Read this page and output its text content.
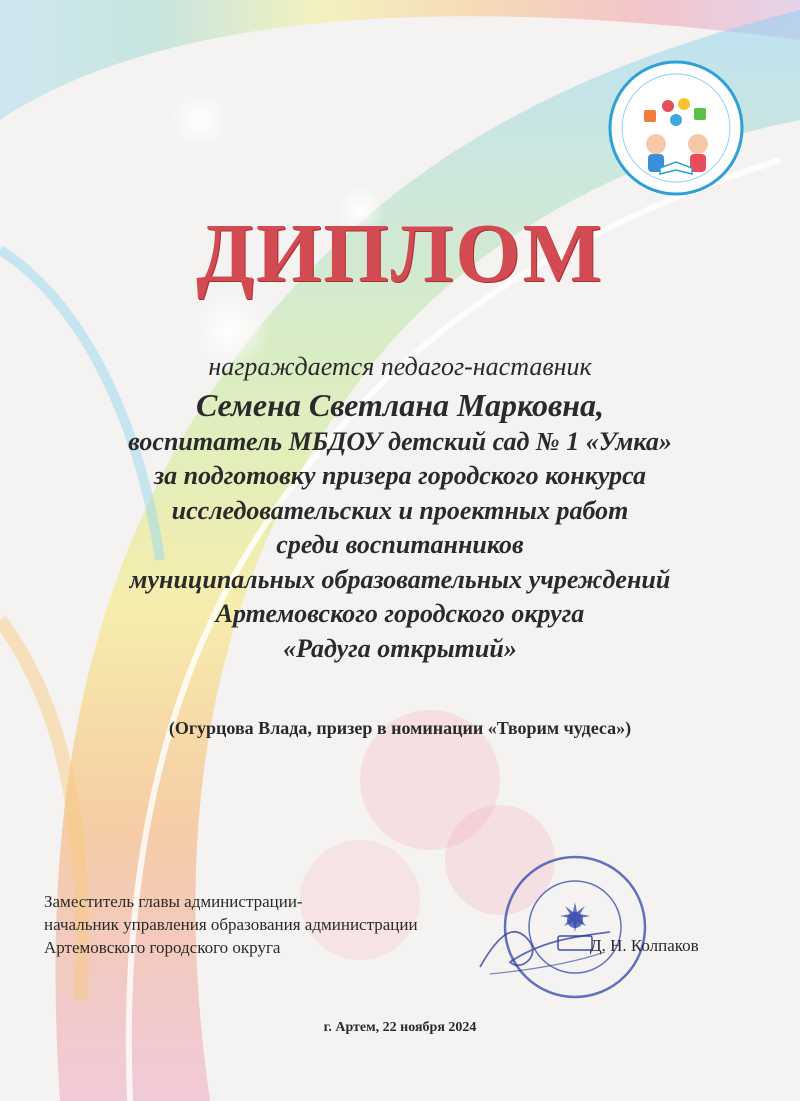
ДИПЛОМ
награждается педагог-наставник
Семена Светлана Марковна,
воспитатель МБДОУ детский сад № 1 «Умка»
за подготовку призера городского конкурса
исследовательских и проектных работ
среди воспитанников
муниципальных образовательных учреждений
Артемовского городского округа
«Радуга открытий»
(Огурцова Влада, призер в номинации «Творим чудеса»)
Заместитель главы администрации-
начальник управления образования администрации
Артемовского городского округа	Д. Н. Колпаков
г. Артем, 22 ноября 2024
